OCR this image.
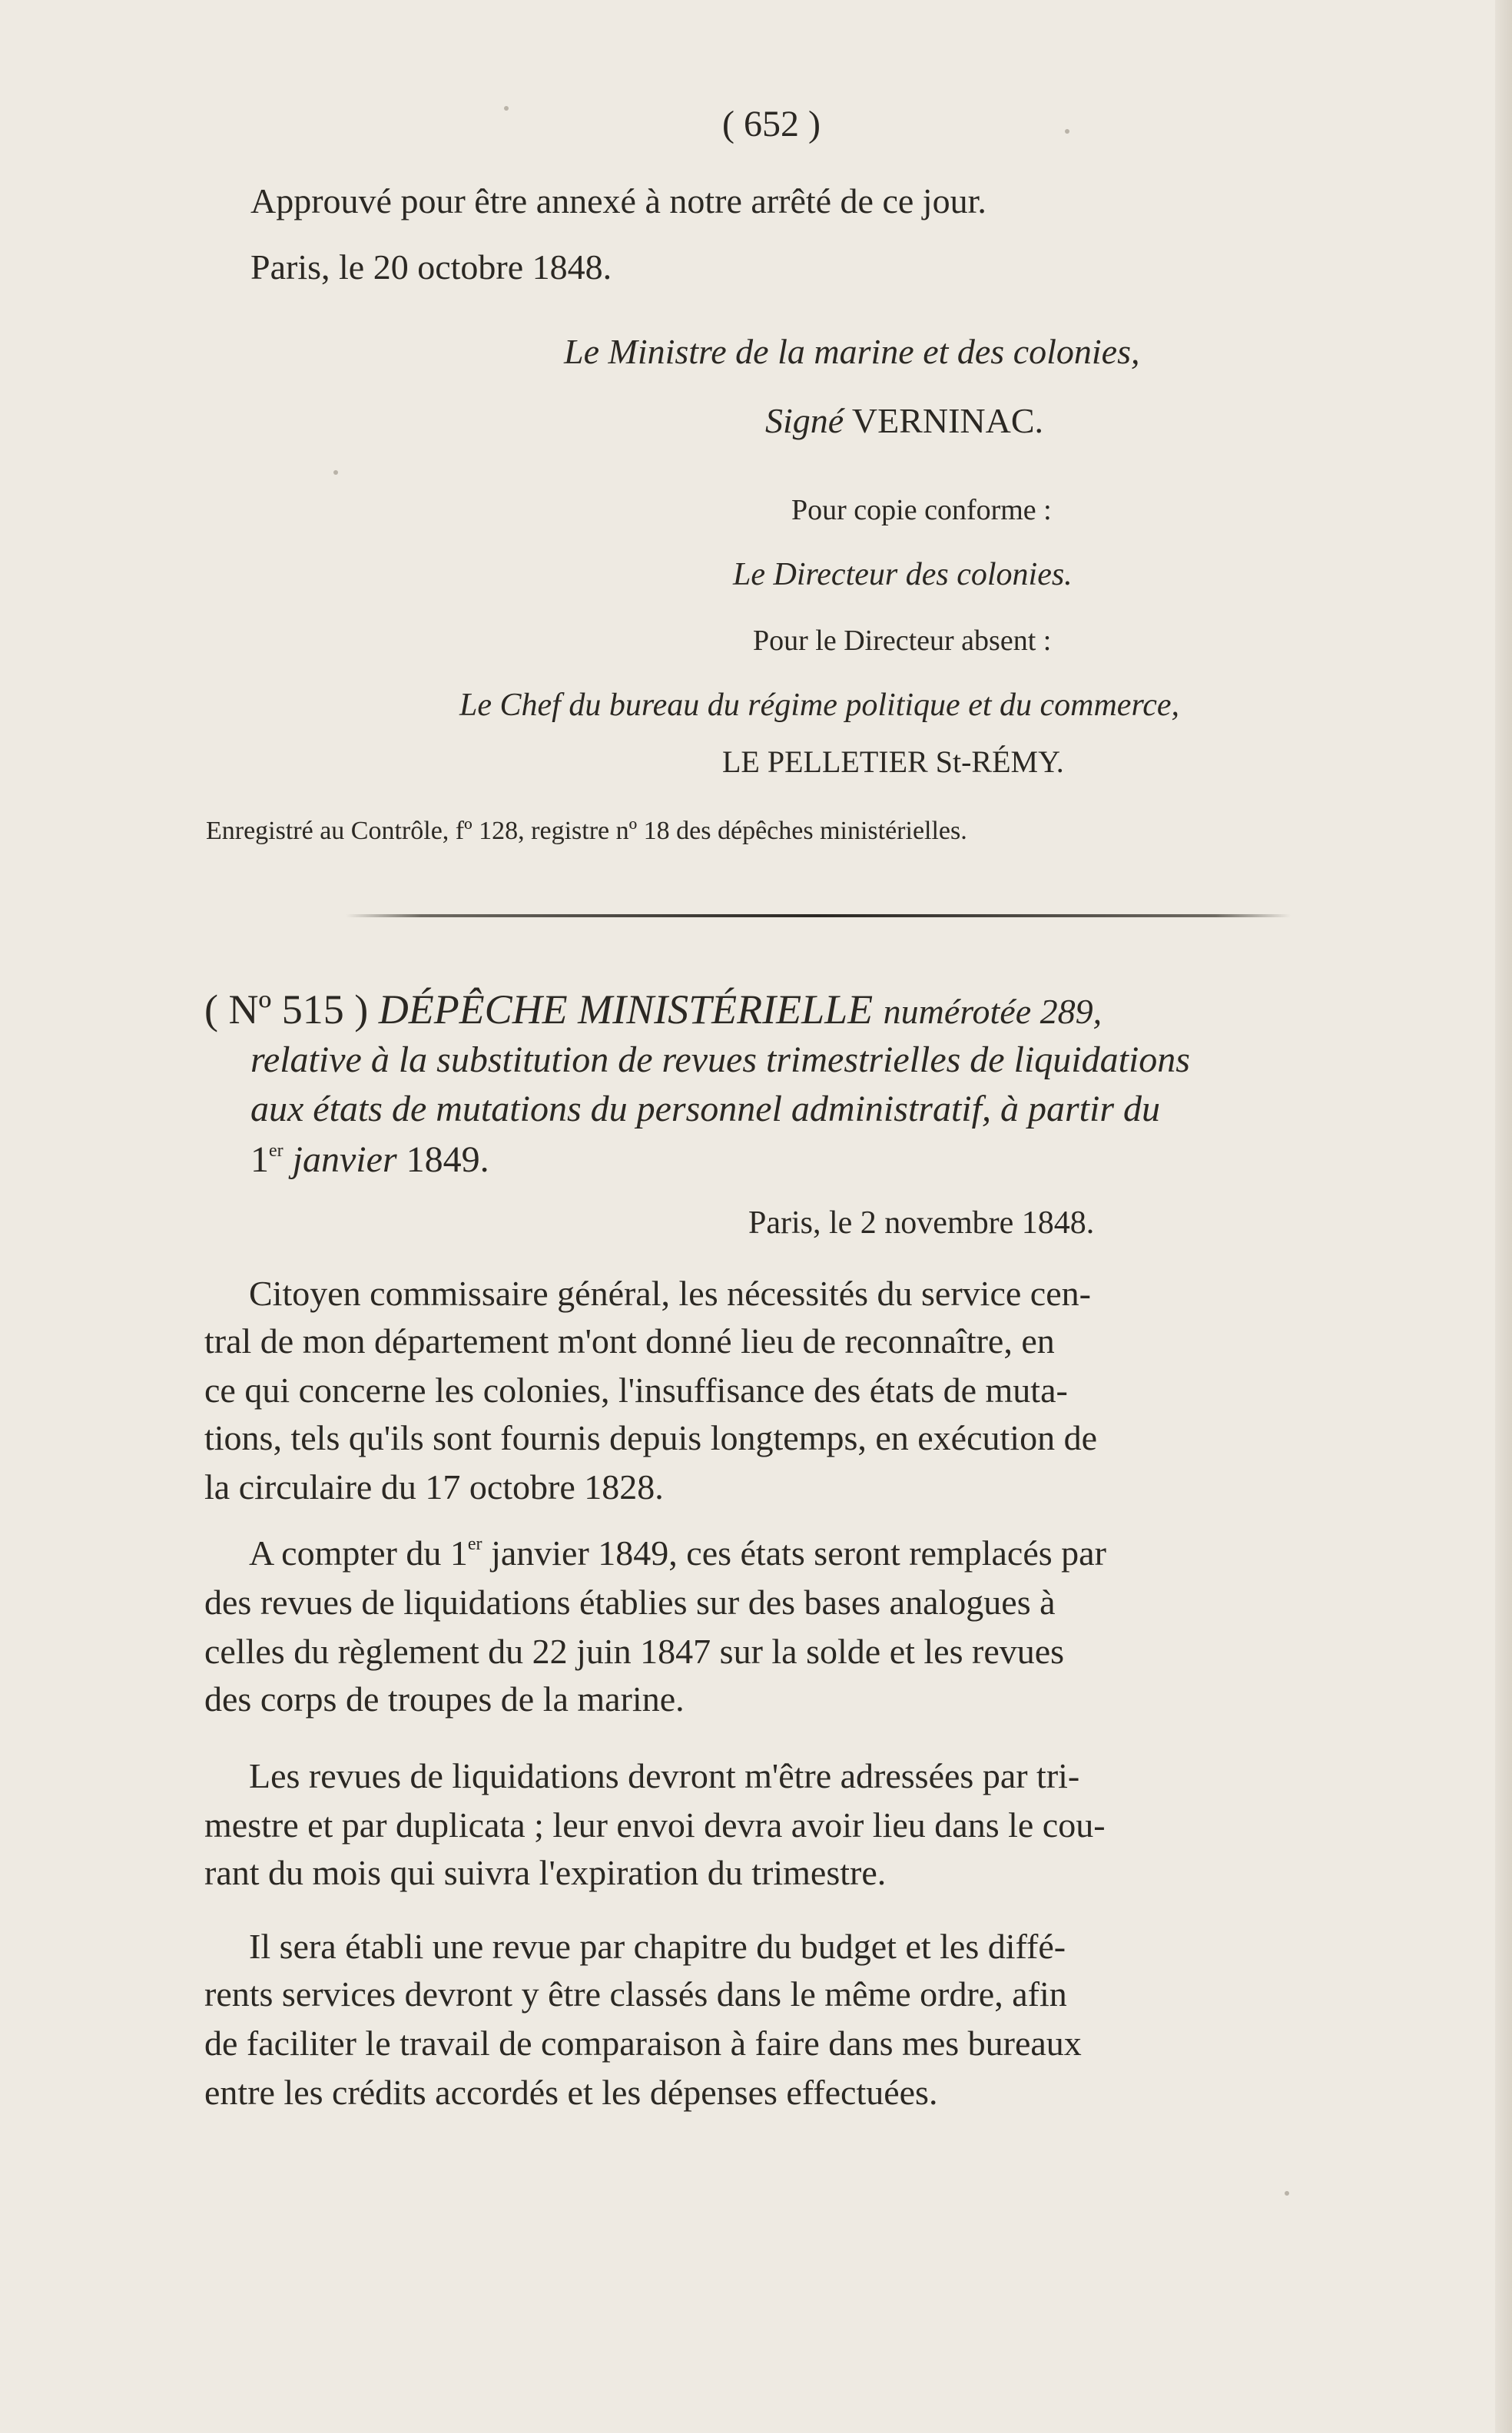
( 652 )
Approuvé pour être annexé à notre arrêté de ce jour.
Paris, le 20 octobre 1848.
Le Ministre de la marine et des colonies,
Signé VERNINAC.
Pour copie conforme :
Le Directeur des colonies.
Pour le Directeur absent :
Le Chef du bureau du régime politique et du commerce,
LE PELLETIER St-RÉMY.
Enregistré au Contrôle, fº 128, registre nº 18 des dépêches ministérielles.
( Nº 515 ) DÉPÊCHE MINISTÉRIELLE numérotée 289,
relative à la substitution de revues trimestrielles de liquidations
aux états de mutations du personnel administratif, à partir du
1er janvier 1849.
Paris, le 2 novembre 1848.
Citoyen commissaire général, les nécessités du service cen-
tral de mon département m'ont donné lieu de reconnaître, en
ce qui concerne les colonies, l'insuffisance des états de muta-
tions, tels qu'ils sont fournis depuis longtemps, en exécution de
la circulaire du 17 octobre 1828.
A compter du 1er janvier 1849, ces états seront remplacés par
des revues de liquidations établies sur des bases analogues à
celles du règlement du 22 juin 1847 sur la solde et les revues
des corps de troupes de la marine.
Les revues de liquidations devront m'être adressées par tri-
mestre et par duplicata ; leur envoi devra avoir lieu dans le cou-
rant du mois qui suivra l'expiration du trimestre.
Il sera établi une revue par chapitre du budget et les diffé-
rents services devront y être classés dans le même ordre, afin
de faciliter le travail de comparaison à faire dans mes bureaux
entre les crédits accordés et les dépenses effectuées.
